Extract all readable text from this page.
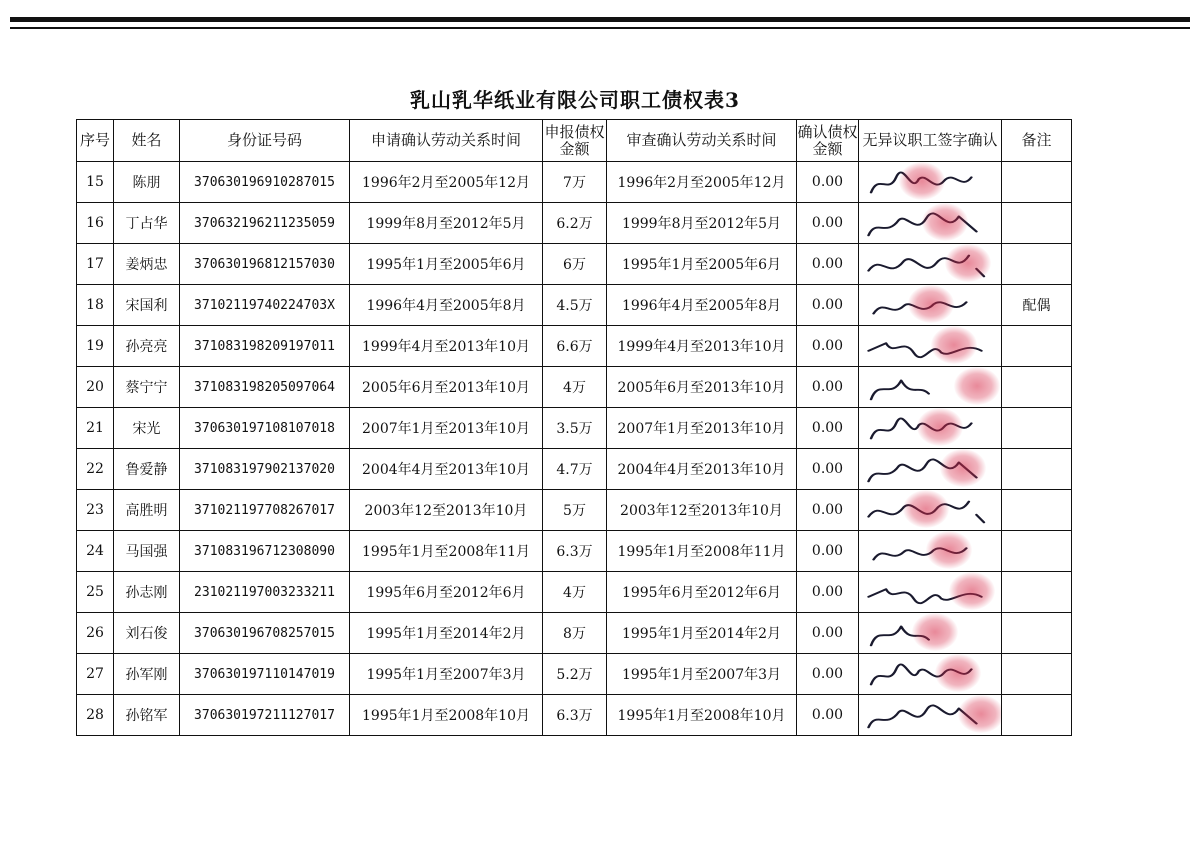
乳山乳华纸业有限公司职工债权表3
序号	姓名	身份证号码	申请确认劳动关系时间	申报债权金额	审查确认劳动关系时间	确认债权金额	无异议职工签字确认	备注
15	陈朋	370630196910287015	1996年2月至2005年12月	7万	1996年2月至2005年12月	0.00	

16	丁占华	370632196211235059	1999年8月至2012年5月	6.2万	1999年8月至2012年5月	0.00	

17	姜炳忠	370630196812157030	1995年1月至2005年6月	6万	1995年1月至2005年6月	0.00	

18	宋国利	37102119740224703X	1996年4月至2005年8月	4.5万	1996年4月至2005年8月	0.00		配偶
19	孙亮亮	371083198209197011	1999年4月至2013年10月	6.6万	1999年4月至2013年10月	0.00	

20	蔡宁宁	371083198205097064	2005年6月至2013年10月	4万	2005年6月至2013年10月	0.00	

21	宋光	370630197108107018	2007年1月至2013年10月	3.5万	2007年1月至2013年10月	0.00	

22	鲁爱静	371083197902137020	2004年4月至2013年10月	4.7万	2004年4月至2013年10月	0.00	

23	高胜明	371021197708267017	2003年12至2013年10月	5万	2003年12至2013年10月	0.00	

24	马国强	371083196712308090	1995年1月至2008年11月	6.3万	1995年1月至2008年11月	0.00	

25	孙志刚	231021197003233211	1995年6月至2012年6月	4万	1995年6月至2012年6月	0.00	

26	刘石俊	370630196708257015	1995年1月至2014年2月	8万	1995年1月至2014年2月	0.00	

27	孙军刚	370630197110147019	1995年1月至2007年3月	5.2万	1995年1月至2007年3月	0.00	

28	孙铭军	370630197211127017	1995年1月至2008年10月	6.3万	1995年1月至2008年10月	0.00	
